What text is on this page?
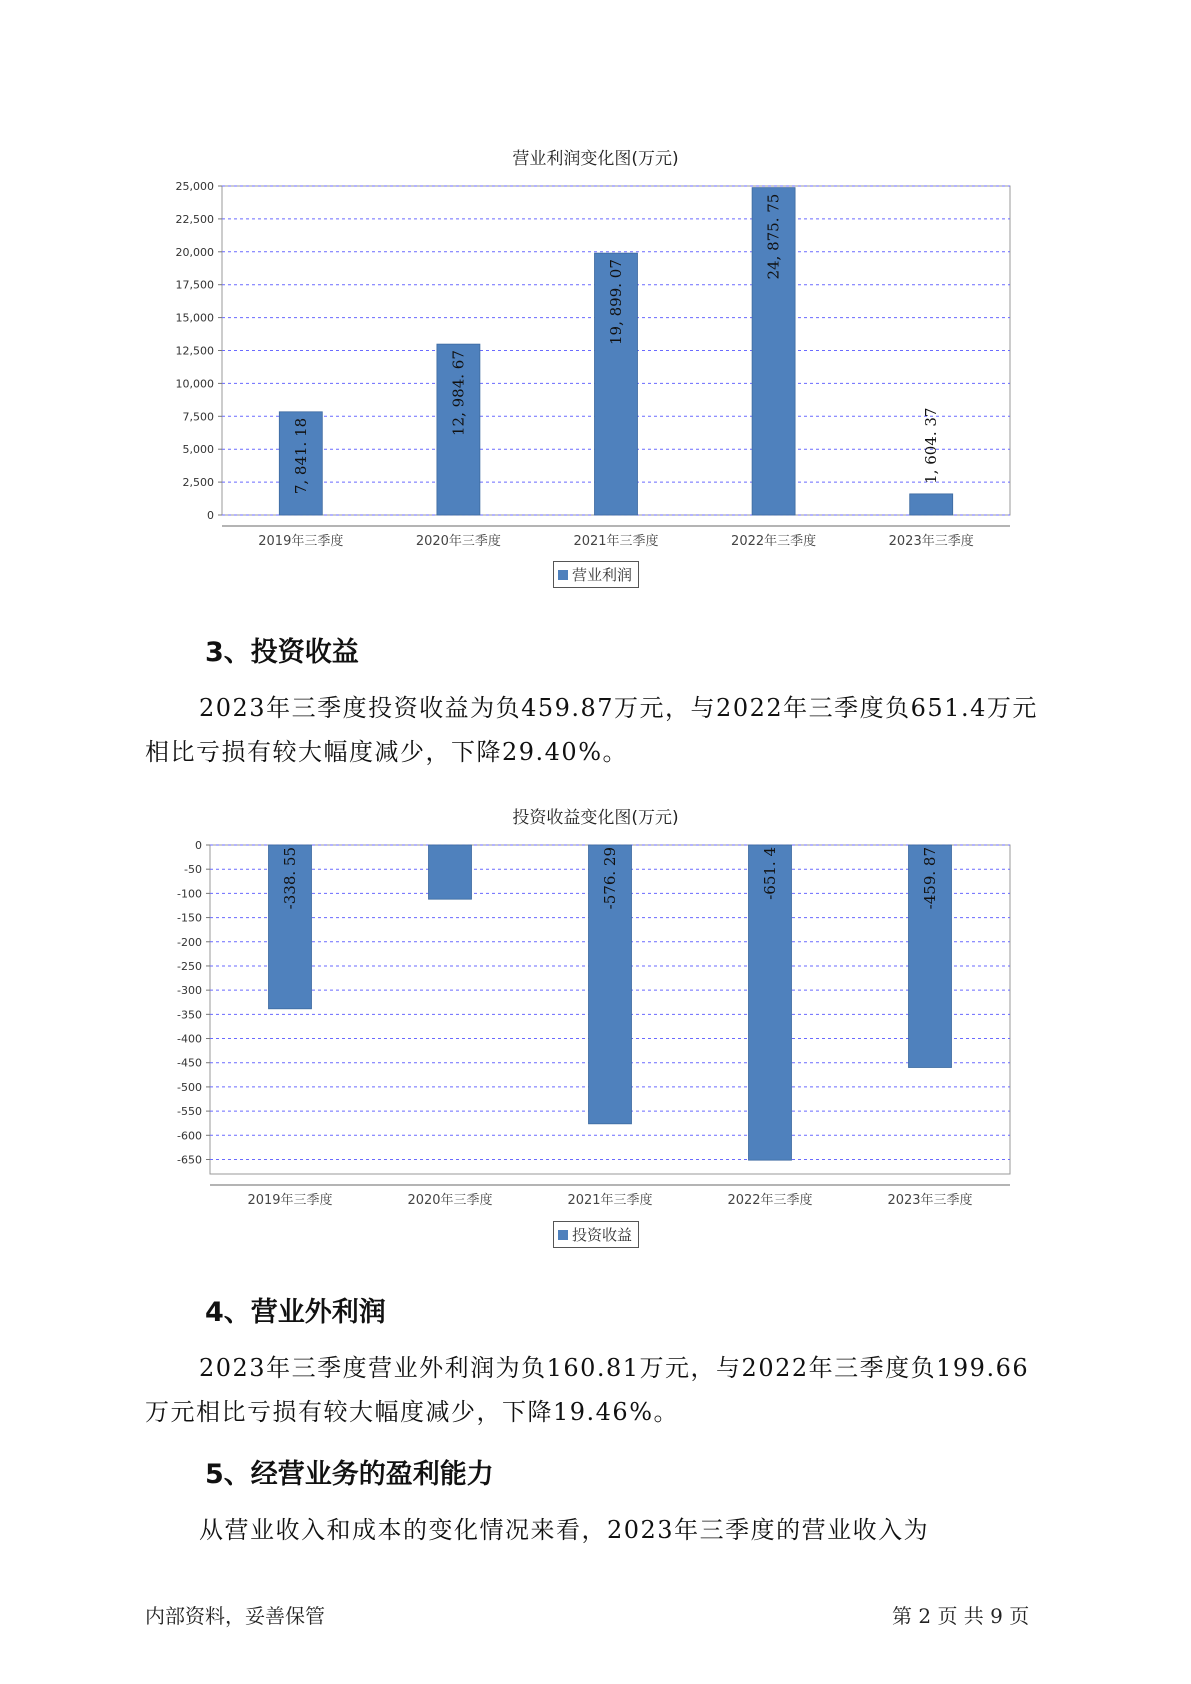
营业利润变化图(万元)
0
2,500
5,000
7,500
10,000
12,500
15,000
17,500
20,000
22,500
25,000
2019年三季度
7, 841. 18
2020年三季度
12, 984. 67
2021年三季度
19, 899. 07
2022年三季度
24, 875. 75
2023年三季度
1, 604. 37
营业利润
3、投资收益

2023年三季度投资收益为负459.87万元，与2022年三季度负651.4万元
相比亏损有较大幅度减少，下降29.40%。

投资收益变化图(万元)
0
-50
-100
-150
-200
-250
-300
-350
-400
-450
-500
-550
-600
-650
2019年三季度
-338. 55
2020年三季度	2021年三季度
-576. 29
2022年三季度
-651. 4
2023年三季度
-459. 87
投资收益
4、营业外利润

2023年三季度营业外利润为负160.81万元，与2022年三季度负199.66
万元相比亏损有较大幅度减少，下降19.46%。

5、经营业务的盈利能力

从营业收入和成本的变化情况来看，2023年三季度的营业收入为

内部资料，妥善保管	第 2 页 共 9 页
